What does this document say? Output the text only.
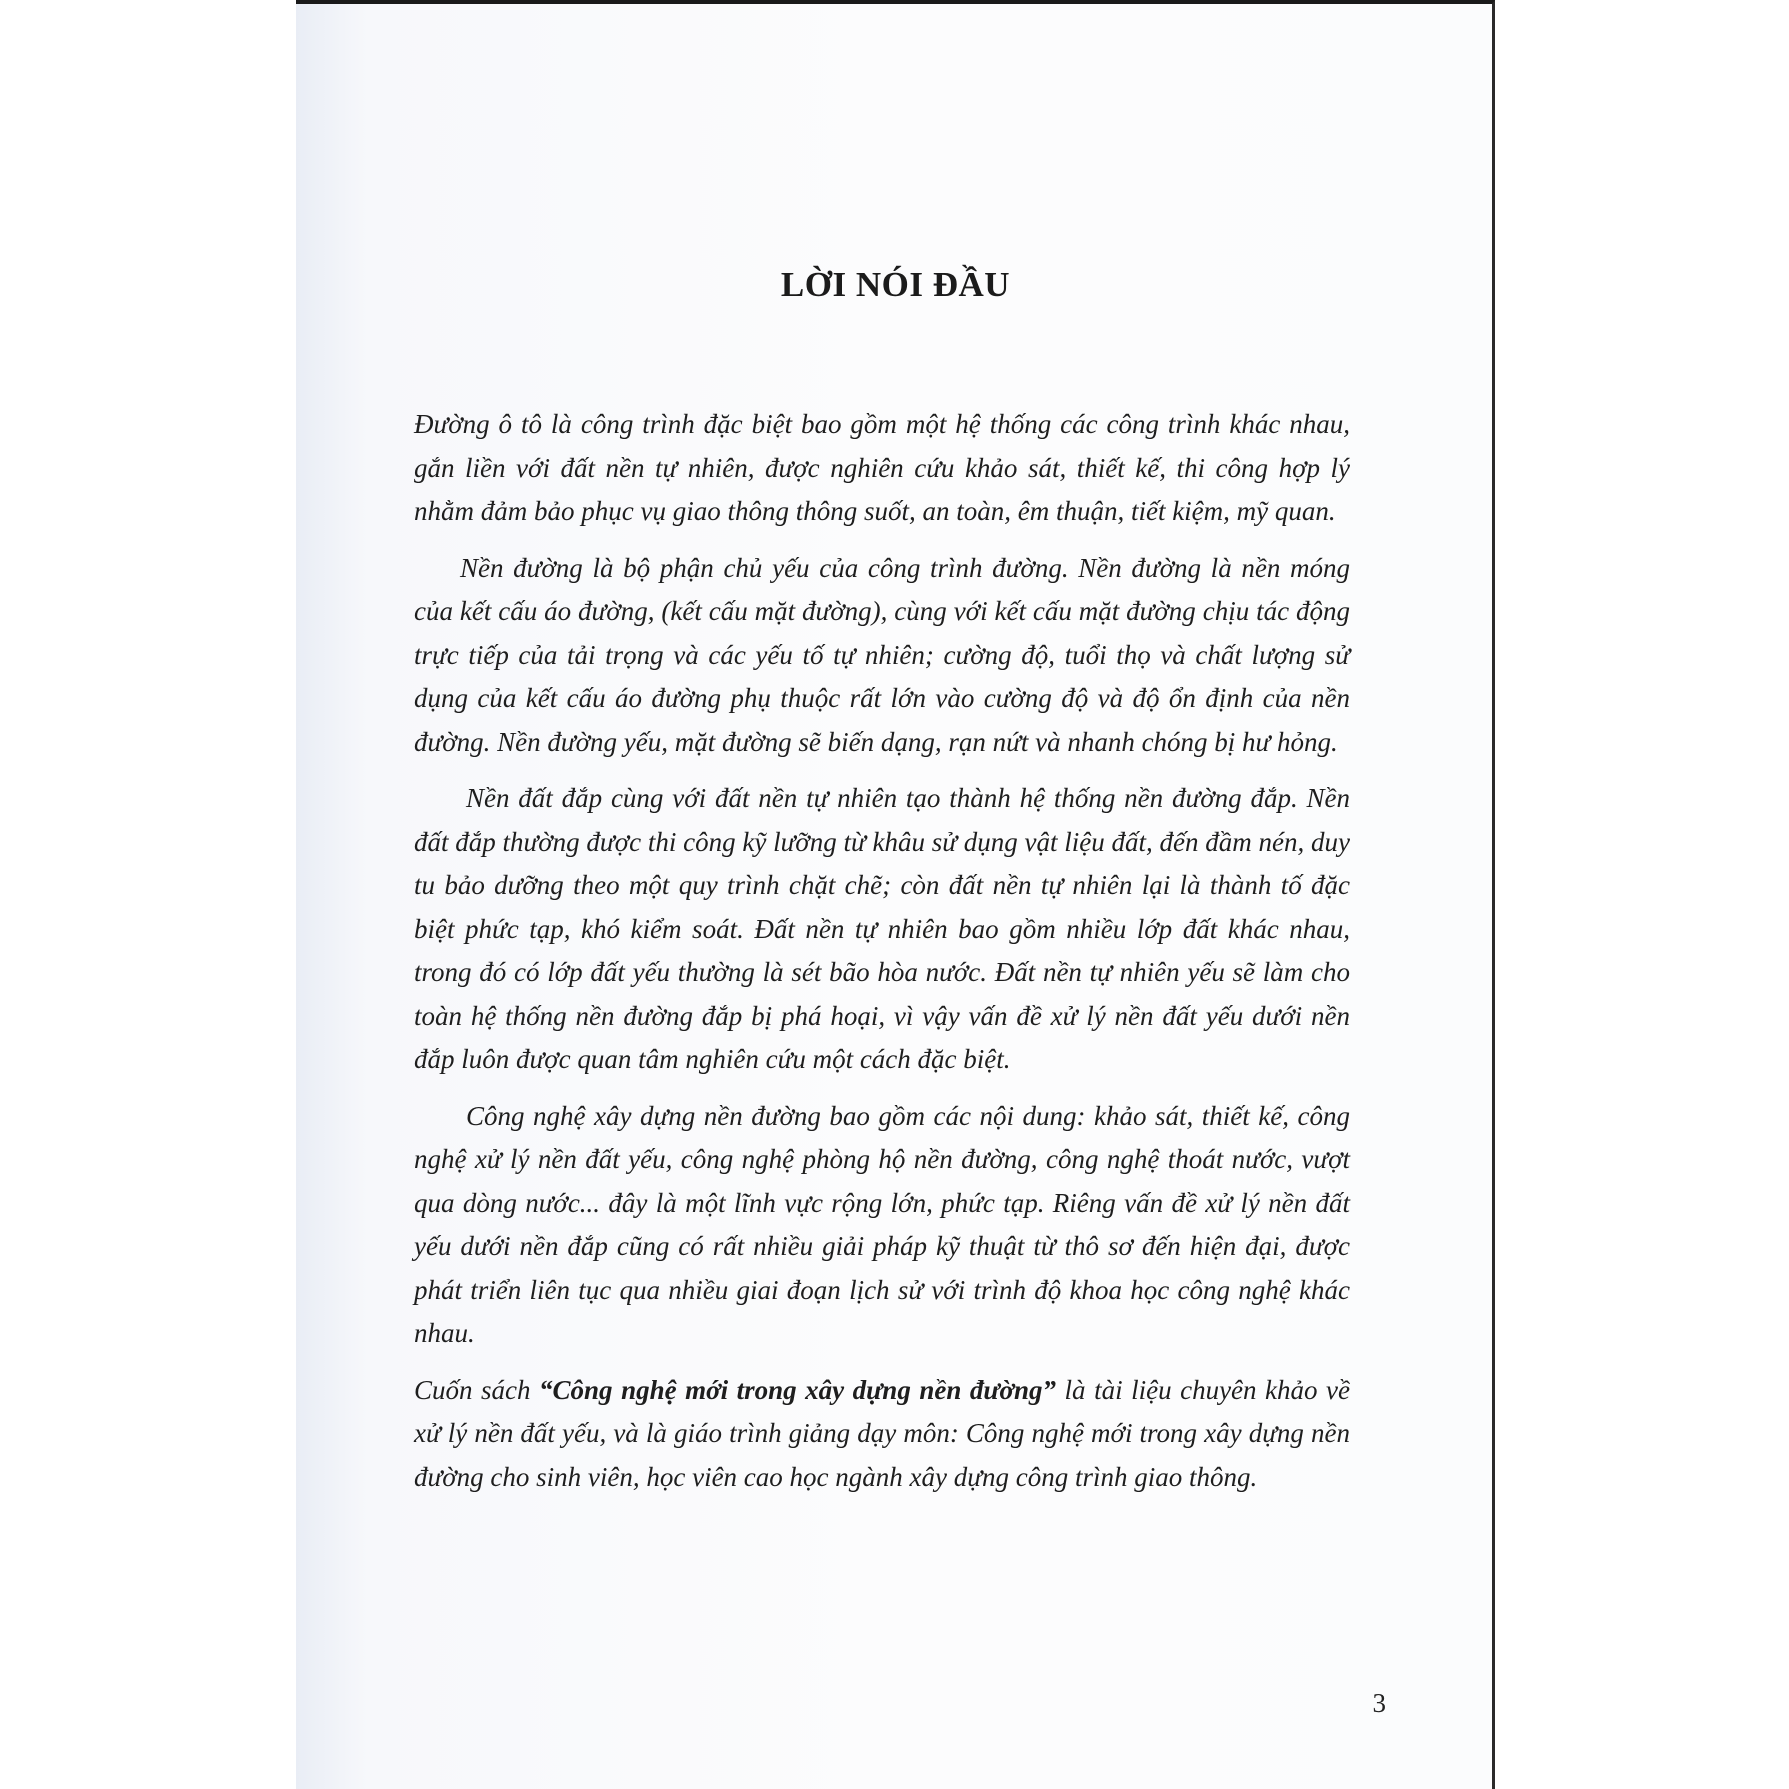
LỜI NÓI ĐẦU

Đường ô tô là công trình đặc biệt bao gồm một hệ thống các công trình khác nhau, gắn liền với đất nền tự nhiên, được nghiên cứu khảo sát, thiết kế, thi công hợp lý nhằm đảm bảo phục vụ giao thông thông suốt, an toàn, êm thuận, tiết kiệm, mỹ quan.

Nền đường là bộ phận chủ yếu của công trình đường. Nền đường là nền móng của kết cấu áo đường, (kết cấu mặt đường), cùng với kết cấu mặt đường chịu tác động trực tiếp của tải trọng và các yếu tố tự nhiên; cường độ, tuổi thọ và chất lượng sử dụng của kết cấu áo đường phụ thuộc rất lớn vào cường độ và độ ổn định của nền đường. Nền đường yếu, mặt đường sẽ biến dạng, rạn nứt và nhanh chóng bị hư hỏng.

Nền đất đắp cùng với đất nền tự nhiên tạo thành hệ thống nền đường đắp. Nền đất đắp thường được thi công kỹ lưỡng từ khâu sử dụng vật liệu đất, đến đầm nén, duy tu bảo dưỡng theo một quy trình chặt chẽ; còn đất nền tự nhiên lại là thành tố đặc biệt phức tạp, khó kiểm soát. Đất nền tự nhiên bao gồm nhiều lớp đất khác nhau, trong đó có lớp đất yếu thường là sét bão hòa nước. Đất nền tự nhiên yếu sẽ làm cho toàn hệ thống nền đường đắp bị phá hoại, vì vậy vấn đề xử lý nền đất yếu dưới nền đắp luôn được quan tâm nghiên cứu một cách đặc biệt.

Công nghệ xây dựng nền đường bao gồm các nội dung: khảo sát, thiết kế, công nghệ xử lý nền đất yếu, công nghệ phòng hộ nền đường, công nghệ thoát nước, vượt qua dòng nước... đây là một lĩnh vực rộng lớn, phức tạp. Riêng vấn đề xử lý nền đất yếu dưới nền đắp cũng có rất nhiều giải pháp kỹ thuật từ thô sơ đến hiện đại, được phát triển liên tục qua nhiều giai đoạn lịch sử với trình độ khoa học công nghệ khác nhau.

Cuốn sách “Công nghệ mới trong xây dựng nền đường” là tài liệu chuyên khảo về xử lý nền đất yếu, và là giáo trình giảng dạy môn: Công nghệ mới trong xây dựng nền đường cho sinh viên, học viên cao học ngành xây dựng công trình giao thông.

3
